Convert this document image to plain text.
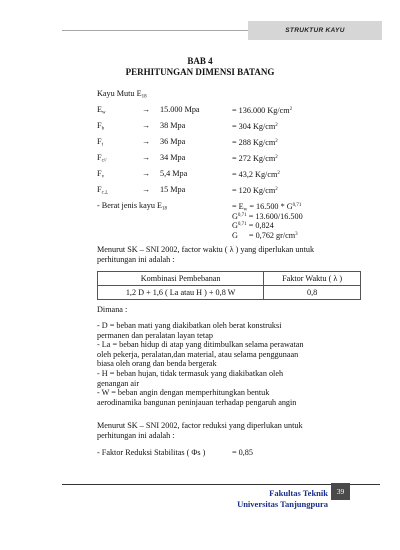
STRUKTUR KAYU
BAB 4
PERHITUNGAN DIMENSI BATANG
Kayu Mutu $E_{18}$
$E_w$	→ 15.000 Mpa	= 136.000 $Kg/cm^2$
$F_b$	→ 38 Mpa	= 304 $Kg/cm^2$
$F_t$	→ 36 Mpa	= 288 $Kg/cm^2$
$F_{c//}$	→ 34 Mpa	= 272 $Kg/cm^2$
$F_v$	→ 5,4 Mpa	= 43,2 $Kg/cm^2$
$F_{c\perp}$	→ 15 Mpa	= 120 $Kg/cm^2$
- Berat jenis kayu $E_{18}$	= $E_w = 16.500 * G^{0,71}$
G$^{0,71}$ = 13.600/16.500
G$^{0,71}$ = 0,824
G = 0,762 $gr/cm^3$
Menurut SK – SNI 2002, factor waktu ( λ ) yang diperlukan untuk
perhitungan ini adalah :
Kombinasi Pembebanan	Faktor Waktu ( λ )
1,2 D + 1,6 ( La atau H ) + 0,8 W	0,8
Dimana :
- D = beban mati yang diakibatkan oleh berat konstruksi
permanen dan peralatan layan tetap
- La = beban hidup di atap yang ditimbulkan selama perawatan
oleh pekerja, peralatan,dan material, atau selama penggunaan
biasa oleh orang dan benda bergerak
- H = beban hujan, tidak termasuk yang diakibatkan oleh
genangan air
- W = beban angin dengan memperhitungkan bentuk
aerodinamika bangunan peninjauan terhadap pengaruh angin
Menurut SK – SNI 2002, factor reduksi yang diperlukan untuk
perhitungan ini adalah :
- Faktor Reduksi Stabilitas ( Φs )	= 0,85
Fakultas Teknik
Universitas Tanjungpura
39
